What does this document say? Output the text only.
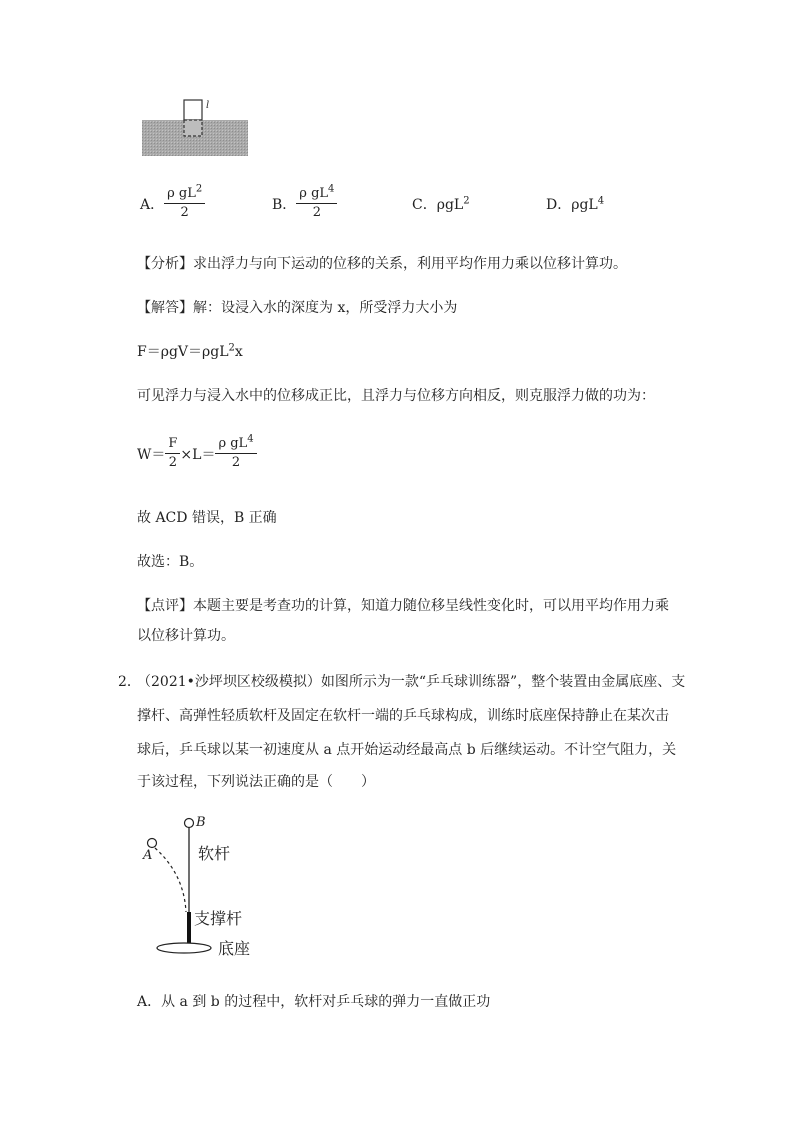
l
A． $\frac{\rho gL^2}{2}$	B． $\frac{\rho gL^4}{2}$	C．ρgL$^2$	D．ρgL$^4$
【分析】求出浮力与向下运动的位移的关系，利用平均作用力乘以位移计算功。
【解答】解：设浸入水的深度为 x，所受浮力大小为
F＝ρgV＝ρgL$^2$x
可见浮力与浸入水中的位移成正比，且浮力与位移方向相反，则克服浮力做的功为：
$W= \frac{F}{2} \times L= \frac{\rho gL^4}{2}$
故 ACD 错误，B 正确
故选：B。
【点评】本题主要是考查功的计算，知道力随位移呈线性变化时，可以用平均作用力乘
以位移计算功。
2．
（2021•沙坪坝区校级模拟）如图所示为一款“乒乓球训练器”，整个装置由金属底座、支
撑杆、高弹性轻质软杆及固定在软杆一端的乒乓球构成，训练时底座保持静止在某次击
球后，乒乓球以某一初速度从 a 点开始运动经最高点 b 后继续运动。不计空气阻力，关
于该过程，下列说法正确的是（　　）
B
A	软杆
支撑杆
底座
A．从 a 到 b 的过程中，软杆对乒乓球的弹力一直做正功
